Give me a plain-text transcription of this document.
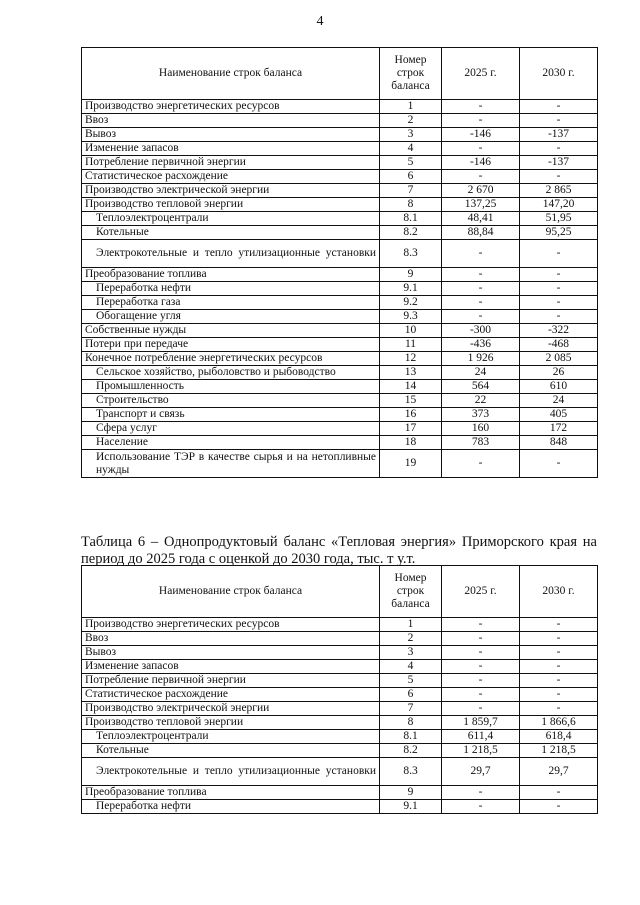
4
Наименование строк баланса	Номер строк баланса	2025 г.	2030 г.
Производство энергетических ресурсов	1	-	-
Ввоз	2	-	-
Вывоз	3	-146	-137
Изменение запасов	4	-	-
Потребление первичной энергии	5	-146	-137
Статистическое расхождение	6	-	-
Производство электрической энергии	7	2 670	2 865
Производство тепловой энергии	8	137,25	147,20
Теплоэлектроцентрали	8.1	48,41	51,95
Котельные	8.2	88,84	95,25
Электрокотельные и тепло утилизационные установки	8.3	-	-
Преобразование топлива	9	-	-
Переработка нефти	9.1	-	-
Переработка газа	9.2	-	-
Обогащение угля	9.3	-	-
Собственные нужды	10	-300	-322
Потери при передаче	11	-436	-468
Конечное потребление энергетических ресурсов	12	1 926	2 085
Сельское хозяйство, рыболовство и рыбоводство	13	24	26
Промышленность	14	564	610
Строительство	15	22	24
Транспорт и связь	16	373	405
Сфера услуг	17	160	172
Население	18	783	848
Использование ТЭР в качестве сырья и на нетопливные нужды	19	-	-
Таблица 6 – Однопродуктовый баланс «Тепловая энергия» Приморского края на период до 2025 года с оценкой до 2030 года, тыс. т у.т.
Наименование строк баланса	Номер строк баланса	2025 г.	2030 г.
Производство энергетических ресурсов	1	-	-
Ввоз	2	-	-
Вывоз	3	-	-
Изменение запасов	4	-	-
Потребление первичной энергии	5	-	-
Статистическое расхождение	6	-	-
Производство электрической энергии	7	-	-
Производство тепловой энергии	8	1 859,7	1 866,6
Теплоэлектроцентрали	8.1	611,4	618,4
Котельные	8.2	1 218,5	1 218,5
Электрокотельные и тепло утилизационные установки	8.3	29,7	29,7
Преобразование топлива	9	-	-
Переработка нефти	9.1	-	-
